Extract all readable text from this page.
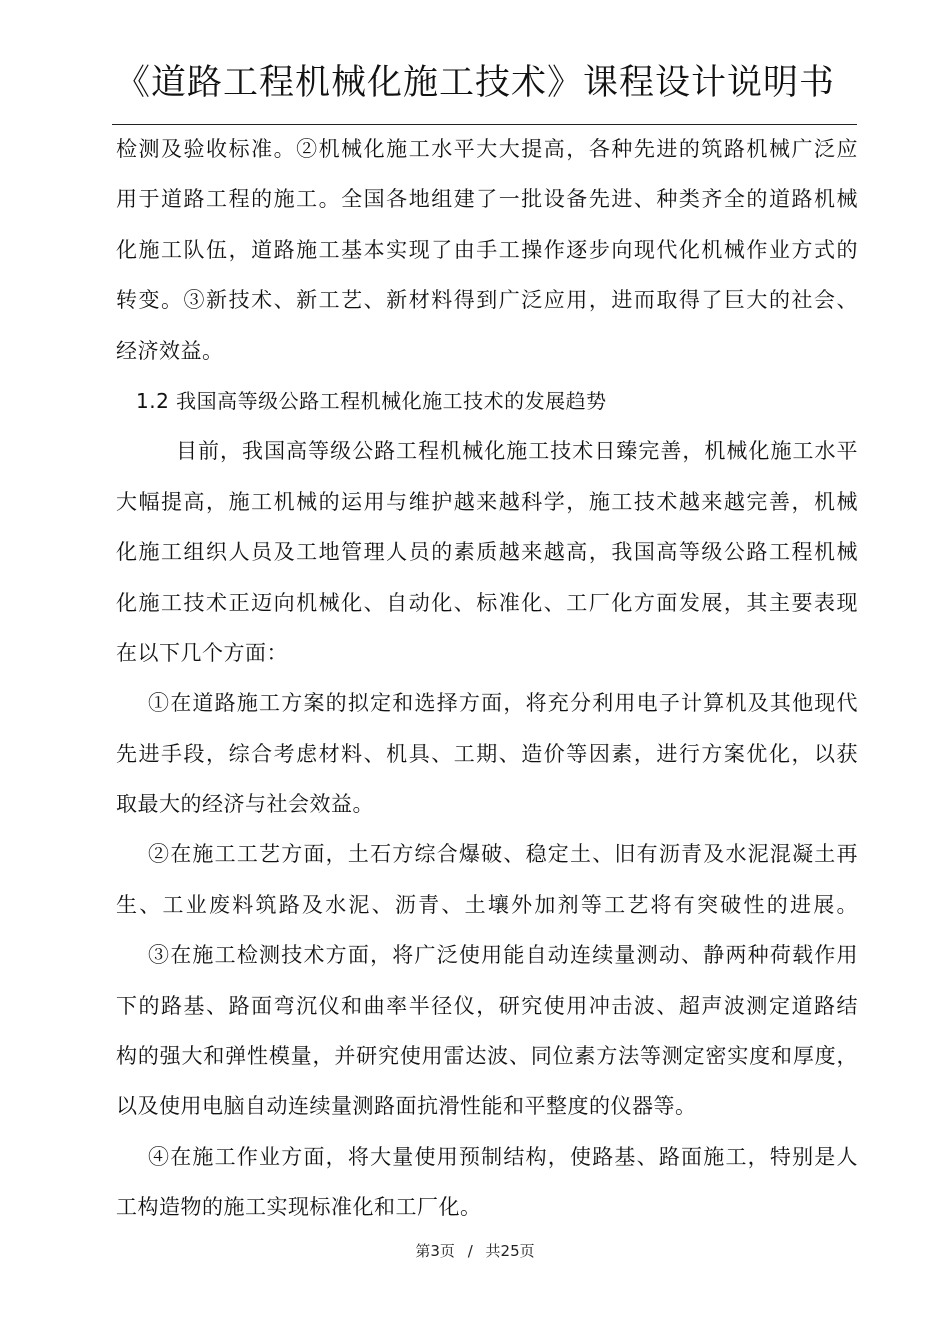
《道路工程机械化施工技术》课程设计说明书
检测及验收标准。②机械化施工水平大大提高，各种先进的筑路机械广泛应
用于道路工程的施工。全国各地组建了一批设备先进、种类齐全的道路机械
化施工队伍，道路施工基本实现了由手工操作逐步向现代化机械作业方式的
转变。③新技术、新工艺、新材料得到广泛应用，进而取得了巨大的社会、
经济效益。
1.2 我国高等级公路工程机械化施工技术的发展趋势
目前，我国高等级公路工程机械化施工技术日臻完善，机械化施工水平
大幅提高，施工机械的运用与维护越来越科学，施工技术越来越完善，机械
化施工组织人员及工地管理人员的素质越来越高，我国高等级公路工程机械
化施工技术正迈向机械化、自动化、标准化、工厂化方面发展，其主要表现
在以下几个方面：
①在道路施工方案的拟定和选择方面，将充分利用电子计算机及其他现代
先进手段，综合考虑材料、机具、工期、造价等因素，进行方案优化，以获
取最大的经济与社会效益。
②在施工工艺方面，土石方综合爆破、稳定土、旧有沥青及水泥混凝土再
生、工业废料筑路及水泥、沥青、土壤外加剂等工艺将有突破性的进展。
③在施工检测技术方面，将广泛使用能自动连续量测动、静两种荷载作用
下的路基、路面弯沉仪和曲率半径仪，研究使用冲击波、超声波测定道路结
构的强大和弹性模量，并研究使用雷达波、同位素方法等测定密实度和厚度，
以及使用电脑自动连续量测路面抗滑性能和平整度的仪器等。
④在施工作业方面，将大量使用预制结构，使路基、路面施工，特别是人
工构造物的施工实现标准化和工厂化。
第3页 / 共25页
